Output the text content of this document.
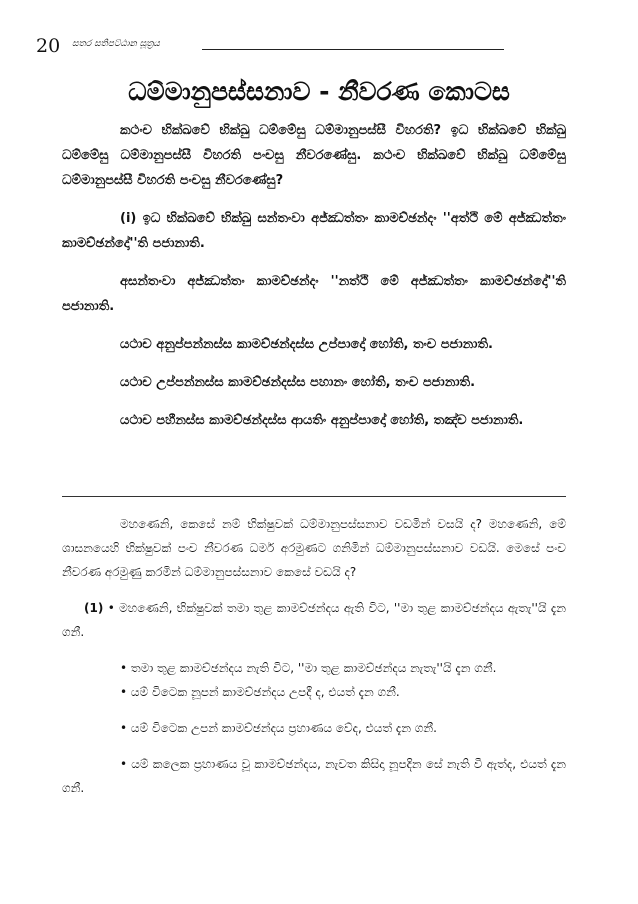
20 සතර සතිපට්ඨාන සූත්‍රය
ධම්මානුපස්සනාව - නීවරණ කොටස

කථංච භික්ඛවේ භික්ඛු ධම්මේසු ධම්මානුපස්සී විහරති? ඉධ භික්ඛවේ භික්ඛු ධම්මේසු ධම්මානුපස්සී විහරති පංචසු නීවරණේසු. කථංච භික්ඛවේ භික්ඛු ධම්මේසු ධම්මානුපස්සී විහරති පංචසු නීවරණේසු?

(i) ඉධ භික්ඛවේ භික්ඛු සන්තංවා අජ්ඣත්තං කාමච්ඡන්දං ''අත්ථි මේ අජ්ඣත්තං කාමච්ඡන්දෝ''ති පජානාති.

අසන්තංවා අජ්ඣත්තං කාමච්ඡන්දං ''නත්ථි මේ අජ්ඣත්තං කාමච්ඡන්දෝ''ති පජානාති.

යථාච අනුප්පන්නස්ස කාමච්ඡන්දස්ස උප්පාදෝ හෝති, තංච පජානාති.

යථාච උප්පන්නස්ස කාමච්ඡන්දස්ස පහානං හෝති, තංච පජානාති.

යථාච පහීනස්ස කාමච්ඡන්දස්ස ආයතිං අනුප්පාදෝ හෝති, තඤ්ච පජානාති.

මහණෙනි, කෙසේ නම් භික්ෂුවක් ධම්මානුපස්සනාව වඩමින් වසයි ද? මහණෙනි, මේ ශාසනයෙහි භික්ෂුවක් පංච නීවරණ ධර්ම අරමුණට ගනිමින් ධම්මානුපස්සනාව වඩයි. මෙසේ පංච නීවරණ අරමුණු කරමින් ධම්මානුපස්සනාව කෙසේ වඩයි ද?

(1) • මහණෙනි, භික්ෂුවක් තමා තුළ කාමච්ඡන්දය ඇති විට, ''මා තුළ කාමච්ඡන්දය ඇතැ''යි දැන ගනී.

• තමා තුළ කාමච්ඡන්දය නැති විට, ''මා තුළ කාමච්ඡන්දය නැතැ''යි දැන ගනී.

• යම් විටෙක නූපන් කාමච්ඡන්දය උපදී ද, එයත් දැන ගනී.

• යම් විටෙක උපන් කාමච්ඡන්දය ප්‍රහාණය වේද, එයත් දැන ගනී.

• යම් කලෙක ප්‍රහාණය වූ කාමච්ඡන්දය, නැවත කිසිදා නූපදින සේ නැති වී ඇත්ද, එයත් දැන ගනී.
